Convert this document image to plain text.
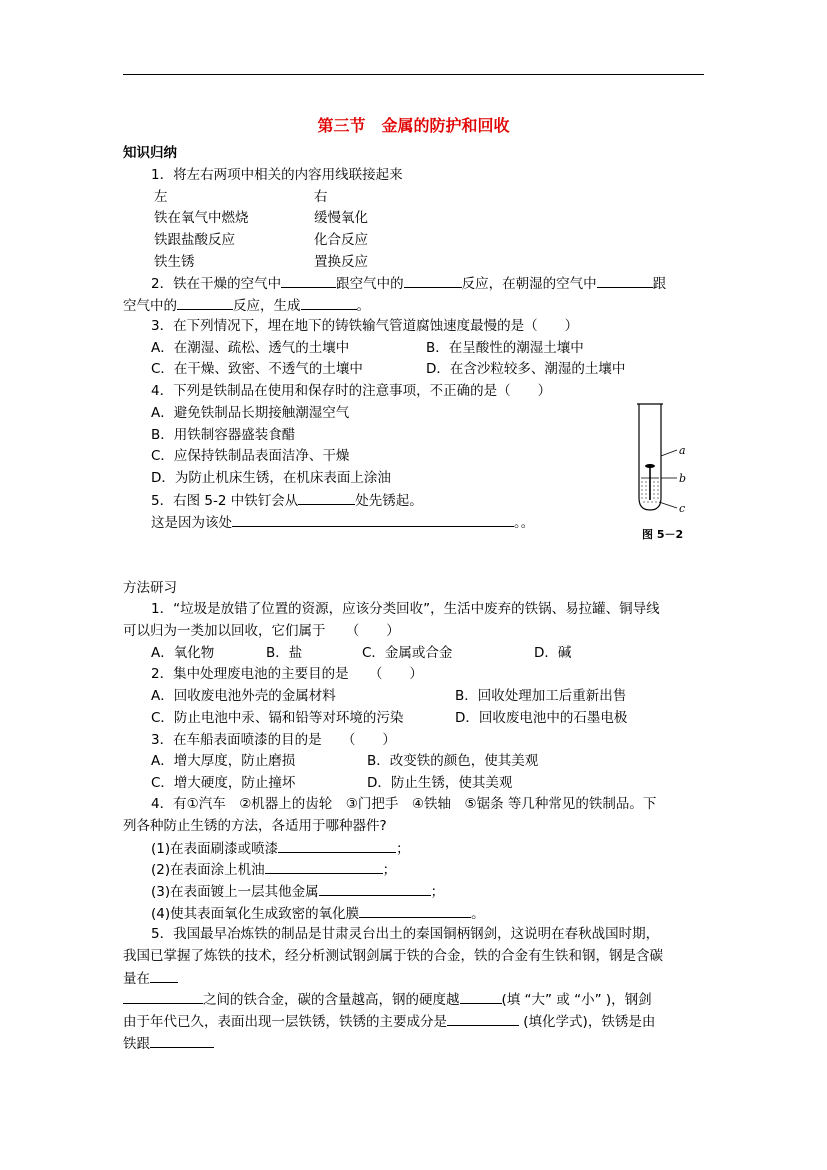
第三节　金属的防护和回收
知识归纳
1．将左右两项中相关的内容用线联接起来
左	右
铁在氧气中燃烧	缓慢氧化
铁跟盐酸反应	化合反应
铁生锈	置换反应
2．铁在干燥的空气中	跟空气中的	反应，在朝湿的空气中	跟
空气中的	反应，生成	。
3．在下列情况下，埋在地下的铸铁输气管道腐蚀速度最慢的是（　　）
A．在潮湿、疏松、透气的土壤中	B．在呈酸性的潮湿土壤中
C．在干燥、致密、不透气的土壤中	D．在含沙粒较多、潮湿的土壤中
4．下列是铁制品在使用和保存时的注意事项，不正确的是（　　）
A．避免铁制品长期接触潮湿空气
B．用铁制容器盛装食醋
C．应保持铁制品表面洁净、干燥
D．为防止机床生锈，在机床表面上涂油
5．右图 5-2 中铁钉会从	处先锈起。
这是因为该处	。。
a
b
c
图 5－2
方法研习
1．“垃圾是放错了位置的资源，应该分类回收”，生活中废弃的铁锅、易拉罐、铜导线
可以归为一类加以回收，它们属于　　（　　）
A．氧化物	B．盐	C．金属或合金	D．碱
2．集中处理废电池的主要目的是　　（　　）
A．回收废电池外壳的金属材料	B．回收处理加工后重新出售
C．防止电池中汞、镉和铅等对环境的污染	D．回收废电池中的石墨电极
3．在车船表面喷漆的目的是　　（　　）
A．增大厚度，防止磨损	B．改变铁的颜色，使其美观
C．增大硬度，防止撞坏	D．防止生锈，使其美观
4．有①汽车　②机器上的齿轮　③门把手　④铁轴　⑤锯条 等几种常见的铁制品。下
列各种防止生锈的方法，各适用于哪种器件?
(1)在表面刷漆或喷漆	；
(2)在表面涂上机油	；
(3)在表面镀上一层其他金属	；
(4)使其表面氧化生成致密的氧化膜	。
5．我国最早冶炼铁的制品是甘肃灵台出土的秦国铜柄钢剑，这说明在春秋战国时期，
我国已掌握了炼铁的技术，经分析测试钢剑属于铁的合金，铁的合金有生铁和钢，钢是含碳
量在
之间的铁合金，碳的含量越高，钢的硬度越	(填 “大” 或 “小” )，钢剑
由于年代已久，表面出现一层铁锈，铁锈的主要成分是	(填化学式)，铁锈是由
铁跟
